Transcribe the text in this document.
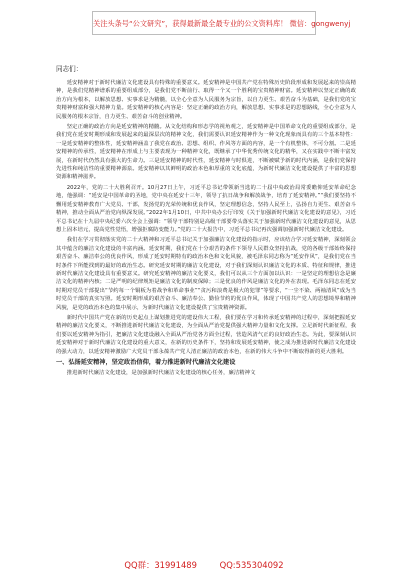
关注头条号“公文研究”，获得最新最全最专业的公文资料库！ 微信：gongwenyj

同志们：

延安精神对于新时代廉洁文化建设具有特殊的重要意义。延安精神是中国共产党在特殊历史阶段形成和发展起来的崇高精神，是我们党精神谱系的重要组成部分，是我们党不断前行、取得一个又一个胜利的宝贵精神财富。延安精神以坚定正确的政治方向为根本，以解放思想、实事求是为精髓，以全心全意为人民服务为宗旨，以自力更生、艰苦奋斗为基础，是我们党的宝贵精神财富和强大精神力量。延安精神的核心内容是：坚定正确的政治方向，解放思想、实事求是的思想路线，全心全意为人民服务的根本宗旨，自力更生、艰苦奋斗的创业精神。

坚定正确的政治方向是延安精神的精髓。从文化结构和形态学的视角观之，延安精神是中国革命文化的重要组成部分，是我们党在延安时期形成和发展起来的最深层次的精神文化，我们需要认识延安精神作为一种文化现象而具有的三个基本特性：一是延安精神的整体性，延安精神涵盖了我党在政治、思想、组织、作风等方面的内容，是一个有机整体，不可分割。二是延安精神的传承性，延安精神在形成上与主要表现为一种精神文化，既继承了中华优秀传统文化的精华，又在实践中不断丰富发展，在新时代仍然具有强大的生命力。三是延安精神的时代性，延安精神与时俱进，不断被赋予新的时代内涵，是我们党保持先进性和纯洁性的重要精神源泉。延安精神以其鲜明的政治本色和厚重的文化底蕴，为新时代廉洁文化建设提供了丰富的思想资源和精神滋养。

2022年，党的二十大胜利召开。10月27日上午，习近平总书记带领新当选的二十届中央政治局常委瞻仰延安革命纪念地，他强调：“延安是中国革命的圣地，党中央在延安十三年，领导了抗日战争和解放战争，培育了延安精神。”“我们要坚持不懈用延安精神教育广大党员、干部，发扬党的光荣传统和优良作风，坚定理想信念，坚持人民至上，弘扬自力更生、艰苦奋斗精神，推动全面从严治党向纵深发展。”2022年1月10日，中共中央办公厅印发《关于加强新时代廉洁文化建设的意见》，习近平总书记在十九届中央纪委六次全会上强调：“领导干部特别是高级干部要带头落实关于加强新时代廉洁文化建设的意见，从思想上固本培元，提高党性觉悟，增强拒腐防变能力。”党的二十大报告中，习近平总书记再次强调加强新时代廉洁文化建设。

我们在学习贯彻落实党的二十大精神和习近平总书记关于加强廉洁文化建设的指示时，应该结合学习延安精神，深刻领会其中蕴含的廉洁文化建设的丰富内涵。延安时期，我们党在十分艰苦的条件下领导人民群众坚持抗战，党的各级干部始终保持艰苦奋斗、廉洁奉公的优良作风，形成了延安时期特有的政治本色和文化风貌，被毛泽东同志称为“延安作风”，是我们党在当时条件下所能找到的最好的政治生态。研究延安时期的廉洁文化建设，对于我们深刻认识廉洁文化的本质、特征和规律，推进新时代廉洁文化建设具有重要意义。研究延安精神的廉洁文化要义，我们可以从三个方面加以认识：一是坚定的理想信念是廉洁文化的精神内核；二是严明的纪律规矩是廉洁文化的制度保障；三是优良的作风是廉洁文化的外在表现。毛泽东同志在延安时期对党员干部提出“节约每一个铜板为着战争和革命事业”“贪污和浪费是极大的犯罪”等要求，“一尘不染、两袖清风”成为当时党员干部的真实写照。延安时期形成的艰苦奋斗、廉洁奉公、勤俭节约的优良作风，体现了中国共产党人的思想境界和精神风貌，是党的政治本色的集中展示，为新时代廉洁文化建设提供了宝贵精神资源。

新时代中国共产党在新的历史起点上谋划推进党的建设伟大工程，我们要在学习和传承延安精神的过程中，深刻把握延安精神的廉洁文化要义，不断推进新时代廉洁文化建设，为全面从严治党提供强大精神力量和文化支撑。立足新时代新征程，我们要以延安精神为指引，把廉洁文化建设融入全面从严治党各方面全过程，营造风清气正的良好政治生态。为此，要深刻认识延安精神对于新时代廉洁文化建设的重大意义，在新的历史条件下，坚持和发展延安精神，使之成为推进新时代廉洁文化建设的强大动力，以延安精神激励广大党员干部永葆共产党人清正廉洁的政治本色，在新的伟大斗争中不断取得新的更大胜利。

一、弘扬延安精神，坚定政治信仰，着力推进新时代廉洁文化建设

推进新时代廉洁文化建设，是加强新时代廉洁文化建设的核心任务，廉洁精神文

QQ群：31991489	QQ:535304092
